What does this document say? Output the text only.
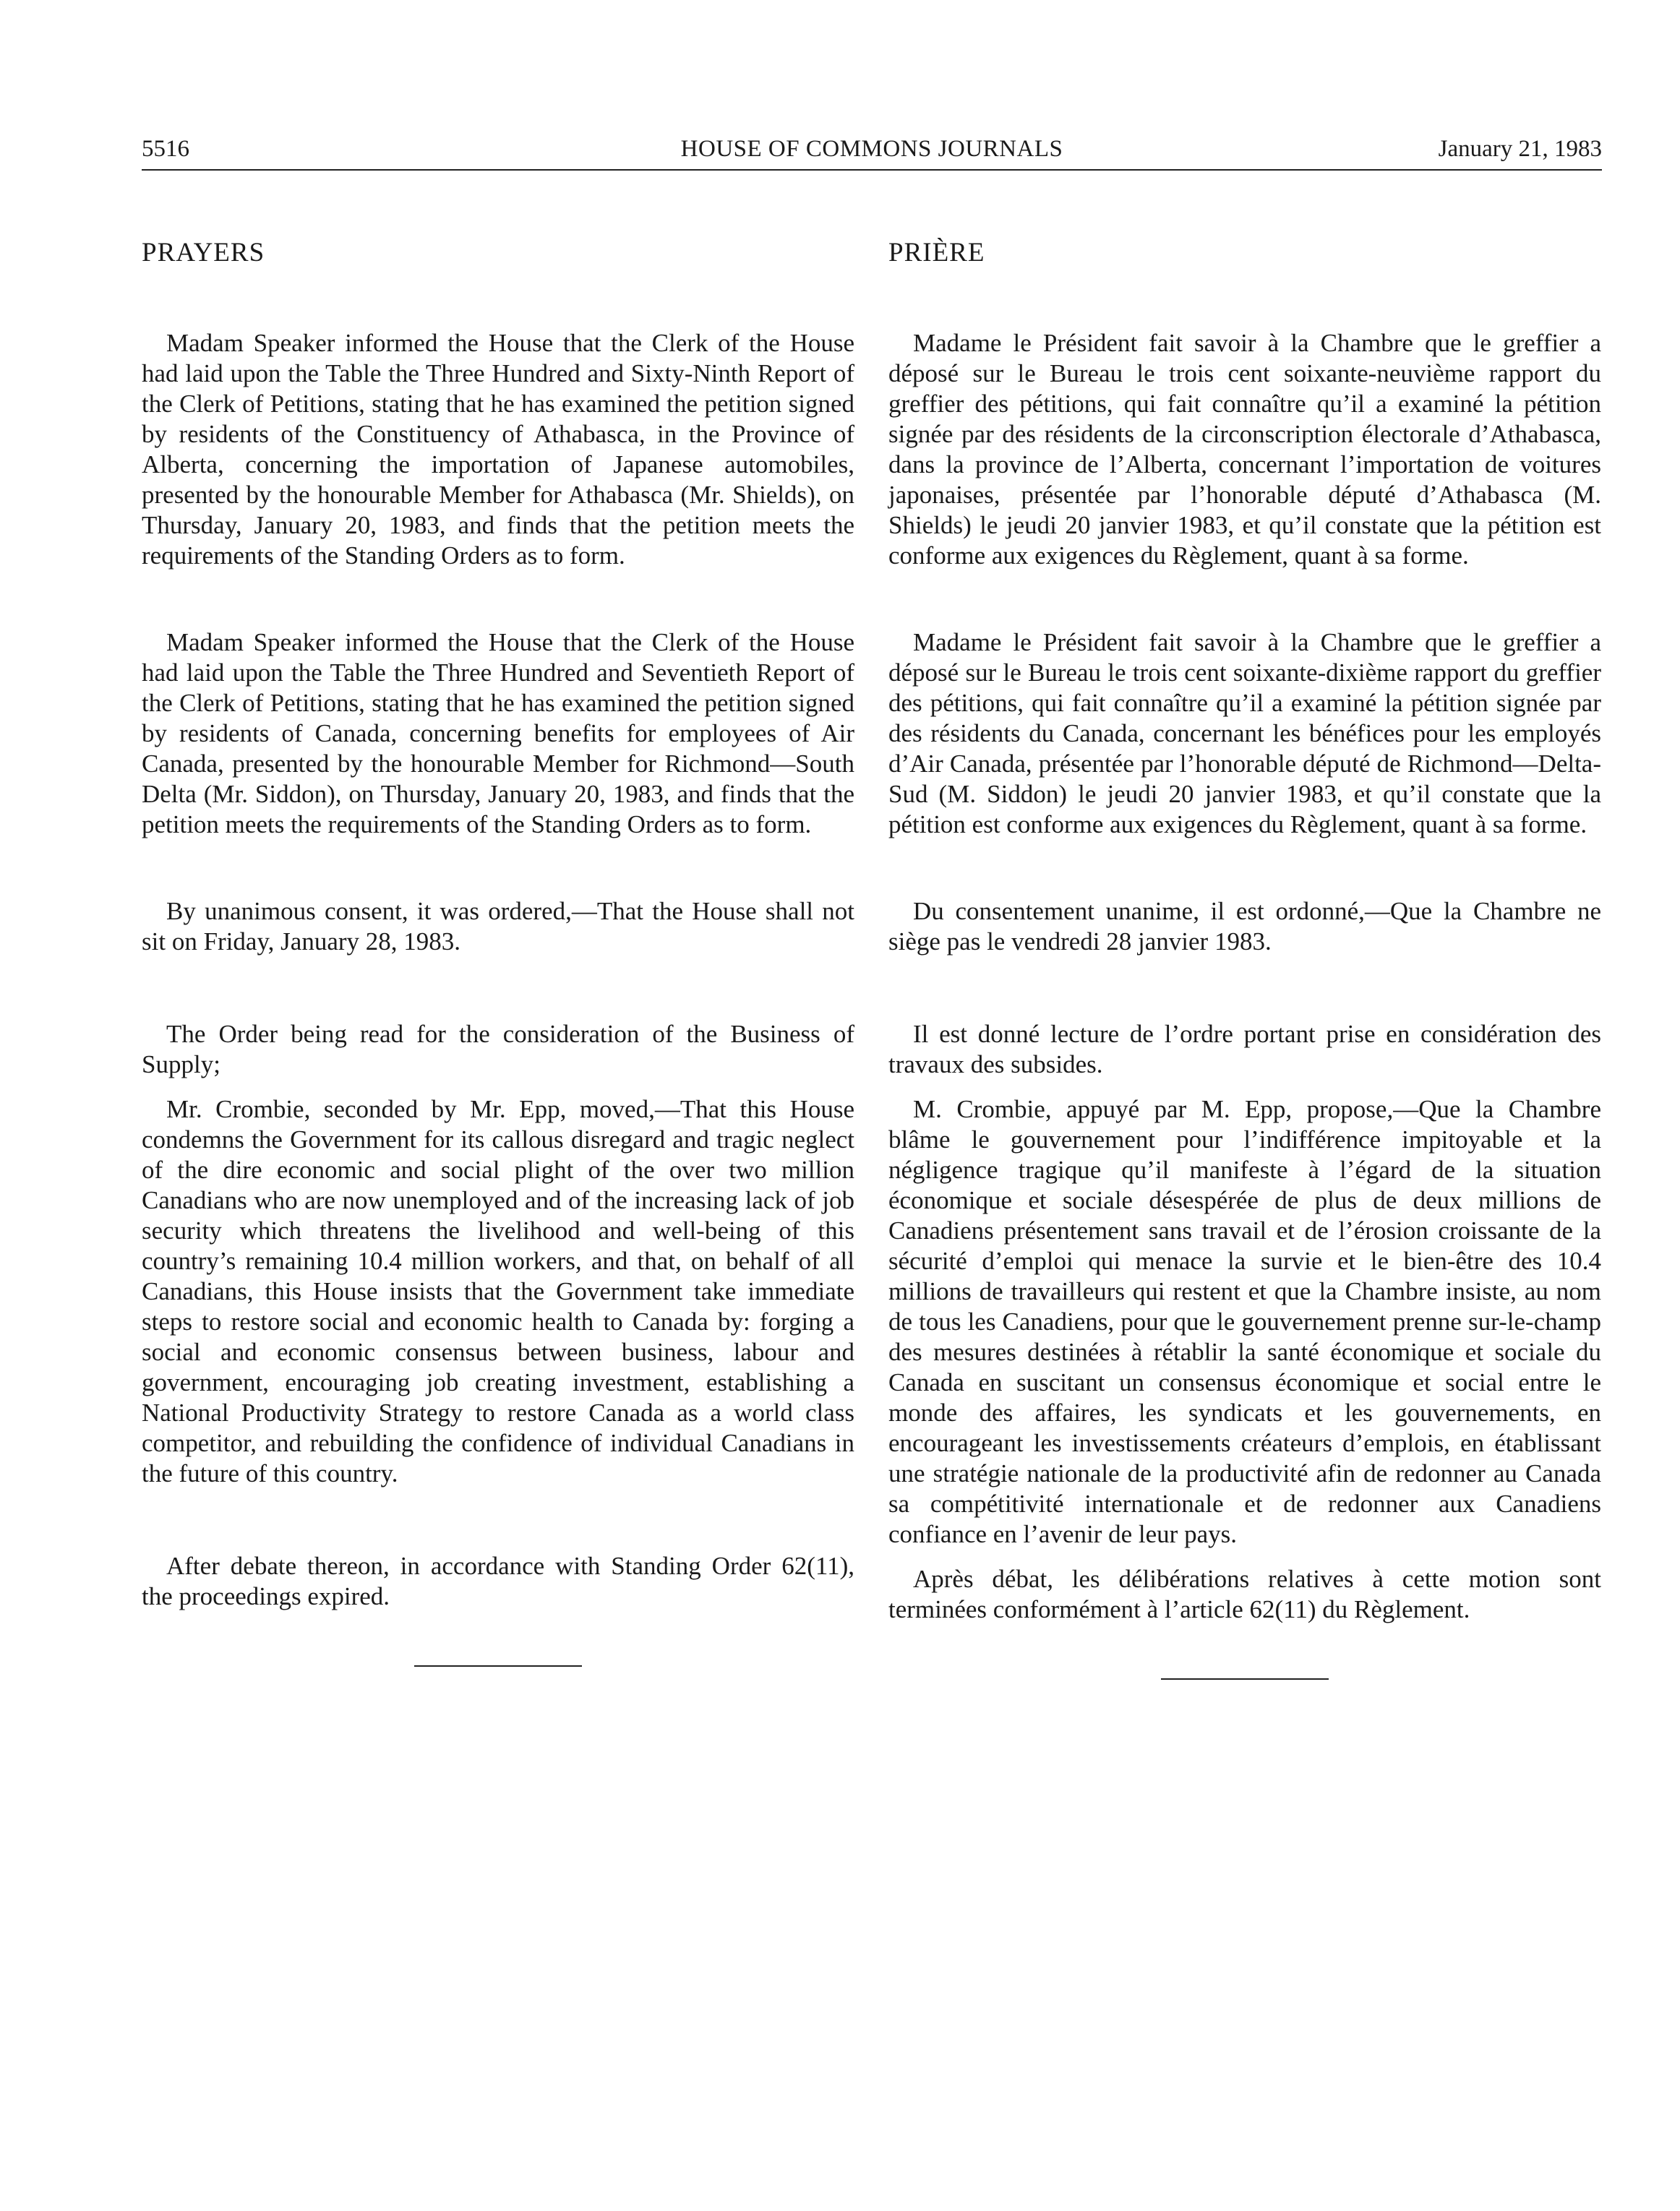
5516	HOUSE OF COMMONS JOURNALS	January 21, 1983
PRAYERS

Madam Speaker informed the House that the Clerk of the House had laid upon the Table the Three Hundred and Sixty-Ninth Report of the Clerk of Petitions, stating that he has examined the petition signed by residents of the Constituency of Athabasca, in the Province of Alberta, concerning the importation of Japanese automobiles, presented by the honourable Member for Athabasca (Mr. Shields), on Thursday, January 20, 1983, and finds that the petition meets the requirements of the Standing Orders as to form.

Madam Speaker informed the House that the Clerk of the House had laid upon the Table the Three Hundred and Seventieth Report of the Clerk of Petitions, stating that he has examined the petition signed by residents of Canada, concerning benefits for employees of Air Canada, presented by the honourable Member for Richmond—South Delta (Mr. Siddon), on Thursday, January 20, 1983, and finds that the petition meets the requirements of the Standing Orders as to form.

By unanimous consent, it was ordered,—That the House shall not sit on Friday, January 28, 1983.

The Order being read for the consideration of the Business of Supply;

Mr. Crombie, seconded by Mr. Epp, moved,—That this House condemns the Government for its callous disregard and tragic neglect of the dire economic and social plight of the over two million Canadians who are now unemployed and of the increasing lack of job security which threatens the livelihood and well-being of this country’s remaining 10.4 million workers, and that, on behalf of all Canadians, this House insists that the Government take immediate steps to restore social and economic health to Canada by: forging a social and economic consensus between business, labour and government, encouraging job creating investment, establishing a National Productivity Strategy to restore Canada as a world class competitor, and rebuilding the confidence of individual Canadians in the future of this country.

After debate thereon, in accordance with Standing Order 62(11), the proceedings expired.

PRIÈRE

Madame le Président fait savoir à la Chambre que le greffier a déposé sur le Bureau le trois cent soixante-neuvième rapport du greffier des pétitions, qui fait connaître qu’il a examiné la pétition signée par des résidents de la circonscription électorale d’Athabasca, dans la province de l’Alberta, concernant l’importation de voitures japonaises, présentée par l’honorable député d’Athabasca (M. Shields) le jeudi 20 janvier 1983, et qu’il constate que la pétition est conforme aux exigences du Règlement, quant à sa forme.

Madame le Président fait savoir à la Chambre que le greffier a déposé sur le Bureau le trois cent soixante-dixième rapport du greffier des pétitions, qui fait connaître qu’il a examiné la pétition signée par des résidents du Canada, concernant les bénéfices pour les employés d’Air Canada, présentée par l’honorable député de Richmond—Delta-Sud (M. Siddon) le jeudi 20 janvier 1983, et qu’il constate que la pétition est conforme aux exigences du Règlement, quant à sa forme.

Du consentement unanime, il est ordonné,—Que la Chambre ne siège pas le vendredi 28 janvier 1983.

Il est donné lecture de l’ordre portant prise en considération des travaux des subsides.

M. Crombie, appuyé par M. Epp, propose,—Que la Chambre blâme le gouvernement pour l’indifférence impitoyable et la négligence tragique qu’il manifeste à l’égard de la situation économique et sociale désespérée de plus de deux millions de Canadiens présentement sans travail et de l’érosion croissante de la sécurité d’emploi qui menace la survie et le bien-être des 10.4 millions de travailleurs qui restent et que la Chambre insiste, au nom de tous les Canadiens, pour que le gouvernement prenne sur-le-champ des mesures destinées à rétablir la santé économique et sociale du Canada en suscitant un consensus économique et social entre le monde des affaires, les syndicats et les gouvernements, en encourageant les investissements créateurs d’emplois, en établissant une stratégie nationale de la productivité afin de redonner au Canada sa compétitivité internationale et de redonner aux Canadiens confiance en l’avenir de leur pays.

Après débat, les délibérations relatives à cette motion sont terminées conformément à l’article 62(11) du Règlement.
